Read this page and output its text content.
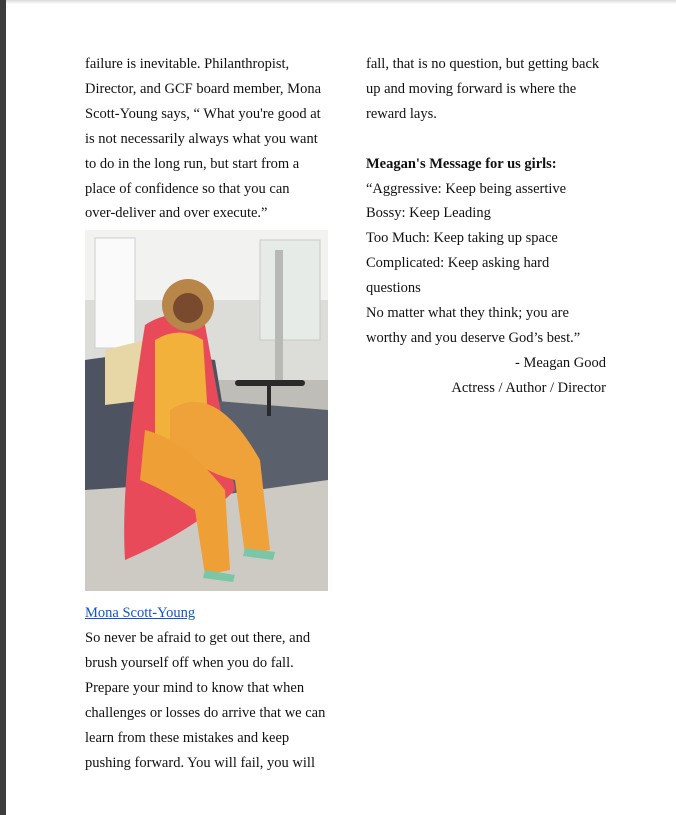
failure is inevitable. Philanthropist,
Director, and GCF board member, Mona
Scott-Young says, “ What you're good at
is not necessarily always what you want
to do in the long run, but start from a
place of confidence so that you can
over-deliver and over execute.”
Mona Scott-Young
So never be afraid to get out there, and
brush yourself off when you do fall.
Prepare your mind to know that when
challenges or losses do arrive that we can
learn from these mistakes and keep
pushing forward. You will fail, you will
fall, that is no question, but getting back
up and moving forward is where the
reward lays.
Meagan's Message for us girls:
“Aggressive: Keep being assertive
Bossy: Keep Leading
Too Much: Keep taking up space
Complicated: Keep asking hard
questions
No matter what they think; you are
worthy and you deserve God’s best.”
- Meagan Good
Actress / Author / Director
